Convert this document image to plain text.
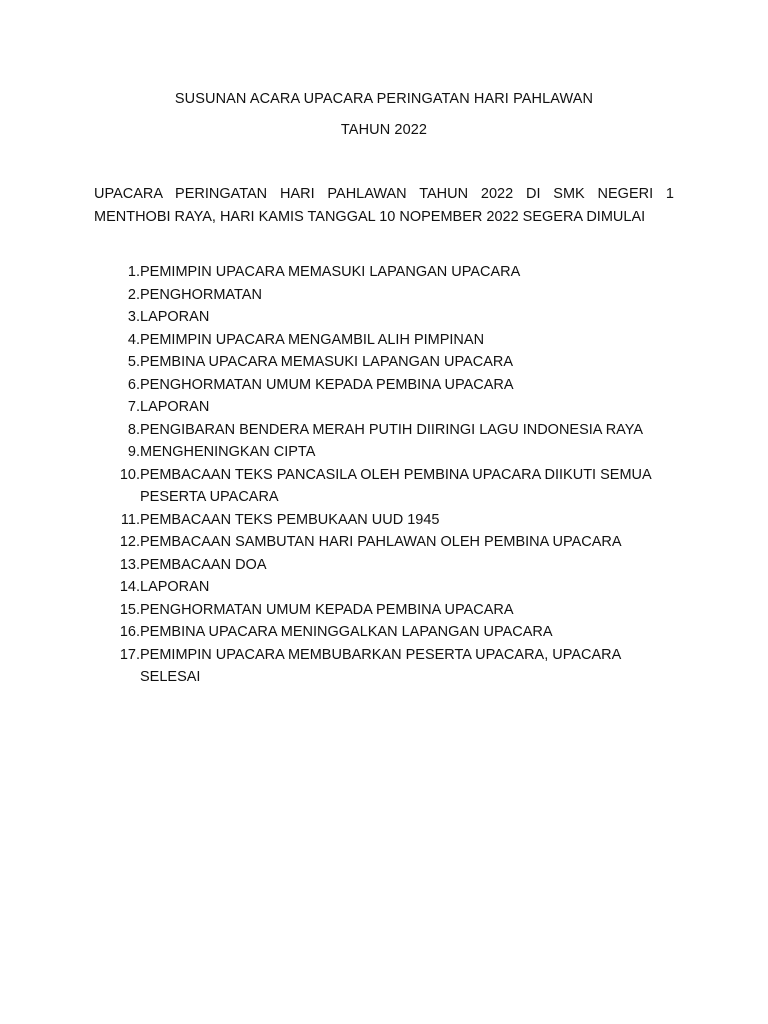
SUSUNAN ACARA UPACARA PERINGATAN HARI PAHLAWAN
TAHUN 2022

UPACARA PERINGATAN HARI PAHLAWAN TAHUN 2022 DI SMK NEGERI 1 MENTHOBI RAYA, HARI KAMIS TANGGAL 10 NOPEMBER 2022 SEGERA DIMULAI

1. PEMIMPIN UPACARA MEMASUKI LAPANGAN UPACARA
2. PENGHORMATAN
3. LAPORAN
4. PEMIMPIN UPACARA MENGAMBIL ALIH PIMPINAN
5. PEMBINA UPACARA MEMASUKI LAPANGAN UPACARA
6. PENGHORMATAN UMUM KEPADA PEMBINA UPACARA
7. LAPORAN
8. PENGIBARAN BENDERA MERAH PUTIH DIIRINGI LAGU INDONESIA RAYA
9. MENGHENINGKAN CIPTA
10. PEMBACAAN TEKS PANCASILA OLEH PEMBINA UPACARA DIIKUTI SEMUA PESERTA UPACARA
11. PEMBACAAN TEKS PEMBUKAAN UUD 1945
12. PEMBACAAN SAMBUTAN HARI PAHLAWAN OLEH PEMBINA UPACARA
13. PEMBACAAN DOA
14. LAPORAN
15. PENGHORMATAN UMUM KEPADA PEMBINA UPACARA
16. PEMBINA UPACARA MENINGGALKAN LAPANGAN UPACARA
17. PEMIMPIN UPACARA MEMBUBARKAN PESERTA UPACARA, UPACARA SELESAI
